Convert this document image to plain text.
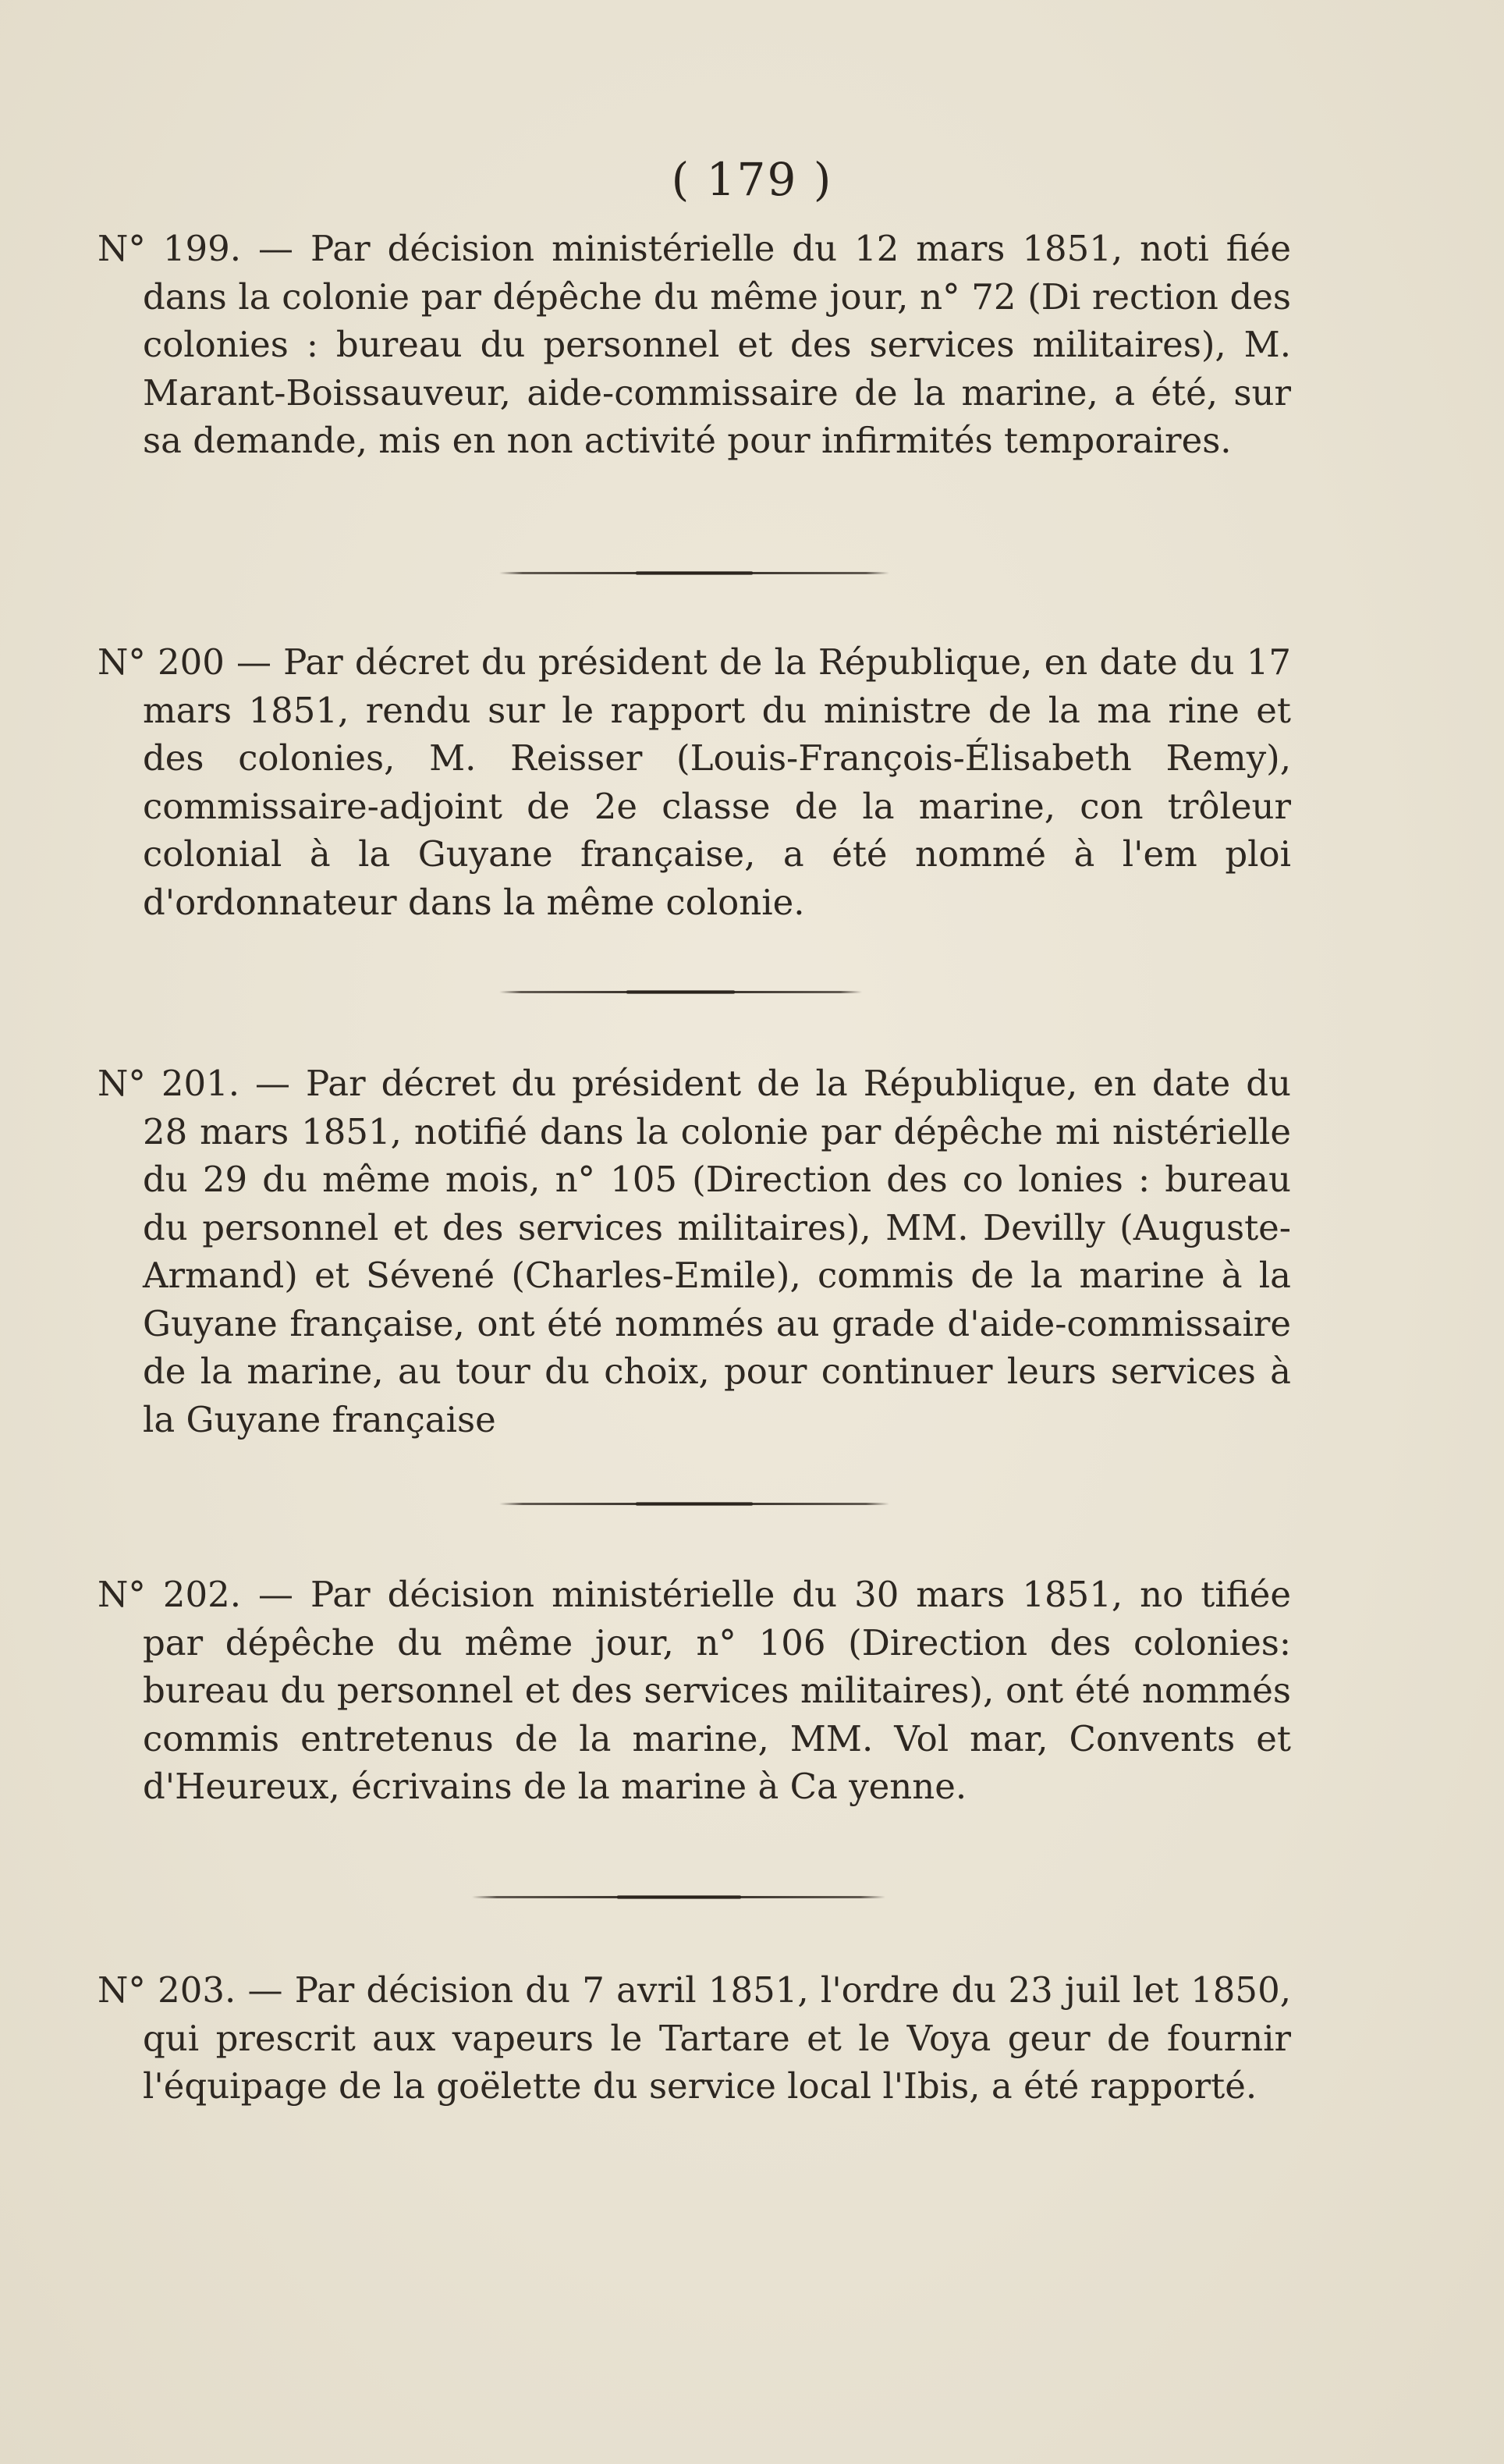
( 179 )
N° 199. — Par décision ministérielle du 12 mars 1851, noti fiée dans la colonie par dépêche du même jour, n° 72 (Di rection des colonies : bureau du personnel et des services militaires), M. Marant-Boissauveur, aide-commissaire de la marine, a été, sur sa demande, mis en non activité pour infirmités temporaires.
N° 200 — Par décret du président de la République, en date du 17 mars 1851, rendu sur le rapport du ministre de la ma rine et des colonies, M. Reisser (Louis-François-Élisabeth Remy), commissaire-adjoint de 2e classe de la marine, con trôleur colonial à la Guyane française, a été nommé à l'em ploi d'ordonnateur dans la même colonie.
N° 201. — Par décret du président de la République, en date du 28 mars 1851, notifié dans la colonie par dépêche mi nistérielle du 29 du même mois, n° 105 (Direction des co lonies : bureau du personnel et des services militaires), MM. Devilly (Auguste-Armand) et Sévené (Charles-Emile), commis de la marine à la Guyane française, ont été nommés au grade d'aide-commissaire de la marine, au tour du choix, pour continuer leurs services à la Guyane française
N° 202. — Par décision ministérielle du 30 mars 1851, no tifiée par dépêche du même jour, n° 106 (Direction des colonies: bureau du personnel et des services militaires), ont été nommés commis entretenus de la marine, MM. Vol mar, Convents et d'Heureux, écrivains de la marine à Ca yenne.
N° 203. — Par décision du 7 avril 1851, l'ordre du 23 juil let 1850, qui prescrit aux vapeurs le Tartare et le Voya geur de fournir l'équipage de la goëlette du service local l'Ibis, a été rapporté.
